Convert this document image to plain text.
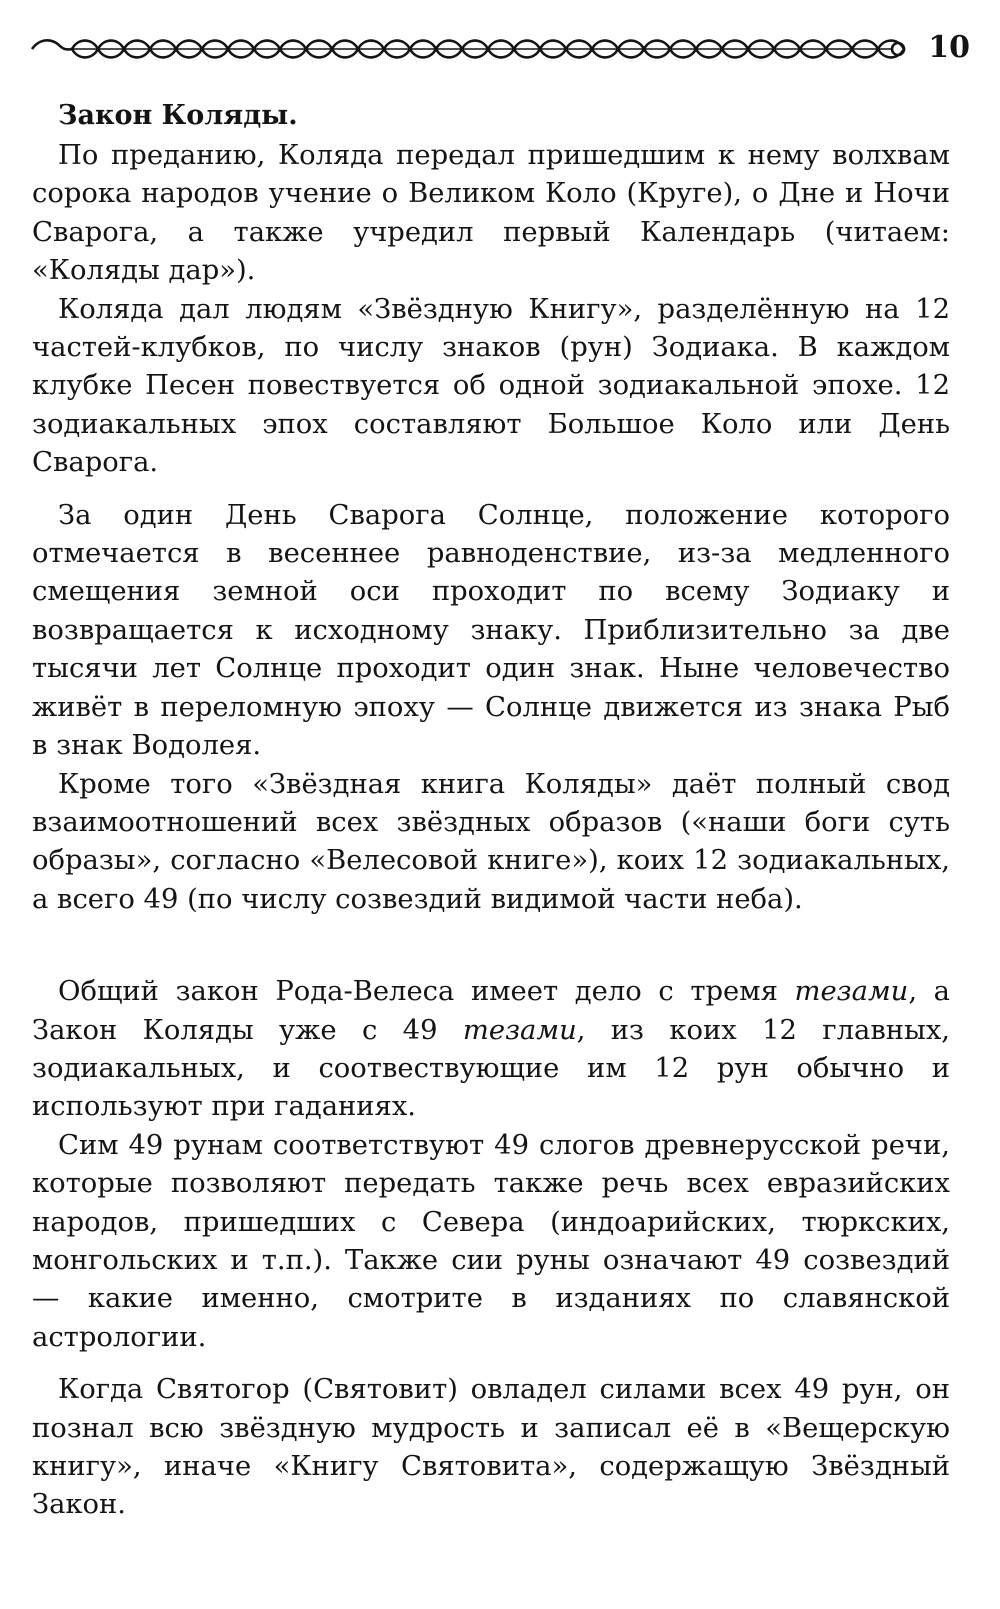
10
Закон Коляды.

По преданию, Коляда передал пришедшим к нему волхвам сорока народов учение о Великом Коло (Круге), о Дне и Ночи Сварога, а также учредил первый Календарь (читаем: «Коляды дар»).

Коляда дал людям «Звёздную Книгу», разделённую на 12 частей-клубков, по числу знаков (рун) Зодиака. В каждом клубке Песен повествуется об одной зодиакальной эпохе. 12 зодиакальных эпох составляют Большое Коло или День Сварога.

За один День Сварога Солнце, положение которого отмечается в весеннее равноденствие, из-за медленного смещения земной оси проходит по всему Зодиаку и возвращается к исходному знаку. Приблизительно за две тысячи лет Солнце проходит один знак. Ныне человечество живёт в переломную эпоху — Солнце движется из знака Рыб в знак Водолея.

Кроме того «Звёздная книга Коляды» даёт полный свод взаимоотношений всех звёздных образов («наши боги суть образы», согласно «Велесовой книге»), коих 12 зодиакальных, а всего 49 (по числу созвездий видимой части неба).

Общий закон Рода-Велеса имеет дело с тремя тезами, а Закон Коляды уже с 49 тезами, из коих 12 главных, зодиакальных, и соотвествующие им 12 рун обычно и используют при гаданиях.

Сим 49 рунам соответствуют 49 слогов древнерусской речи, которые позволяют передать также речь всех евразийских народов, пришедших с Севера (индоарийских, тюркских, монгольских и т.п.). Также сии руны означают 49 созвездий — какие именно, смотрите в изданиях по славянской астрологии.

Когда Святогор (Святовит) овладел силами всех 49 рун, он познал всю звёздную мудрость и записал её в «Вещерскую книгу», иначе «Книгу Святовита», содержащую Звёздный Закон.
